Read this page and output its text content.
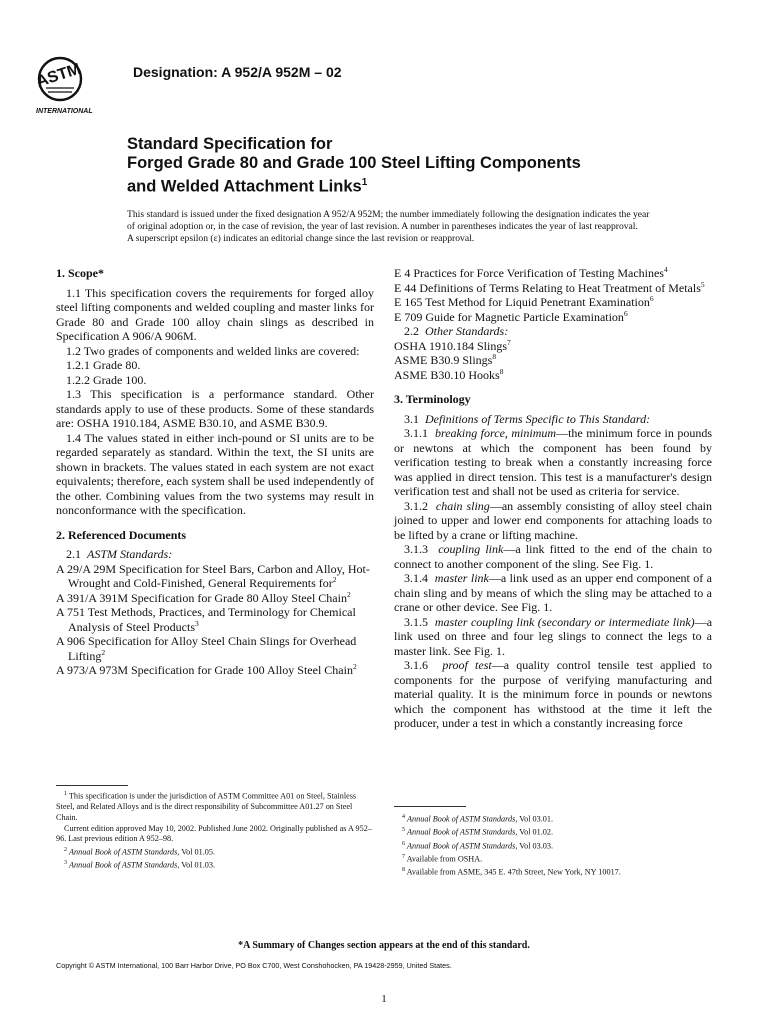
ASTM
INTERNATIONAL
Designation: A 952/A 952M – 02
Standard Specification for
Forged Grade 80 and Grade 100 Steel Lifting Components
and Welded Attachment Links$^1$

This standard is issued under the fixed designation A 952/A 952M; the number immediately following the designation indicates the year

of original adoption or, in the case of revision, the year of last revision. A number in parentheses indicates the year of last reapproval.

A superscript epsilon (ε) indicates an editorial change since the last revision or reapproval.

1. Scope*

1.1 This specification covers the requirements for forged alloy steel lifting components and welded coupling and master links for Grade 80 and Grade 100 alloy chain slings as described in Specification A 906/A 906M.

1.2 Two grades of components and welded links are covered:

1.2.1 Grade 80.

1.2.2 Grade 100.

1.3 This specification is a performance standard. Other standards apply to use of these products. Some of these standards are: OSHA 1910.184, ASME B30.10, and ASME B30.9.

1.4 The values stated in either inch-pound or SI units are to be regarded separately as standard. Within the text, the SI units are shown in brackets. The values stated in each system are not exact equivalents; therefore, each system shall be used independently of the other. Combining values from the two systems may result in nonconformance with the specification.

2. Referenced Documents

2.1 ASTM Standards:

A 29/A 29M Specification for Steel Bars, Carbon and Alloy, Hot-Wrought and Cold-Finished, General Requirements for$^2$

A 391/A 391M Specification for Grade 80 Alloy Steel Chain$^2$

A 751 Test Methods, Practices, and Terminology for Chemical Analysis of Steel Products$^3$

A 906 Specification for Alloy Steel Chain Slings for Overhead Lifting$^2$

A 973/A 973M Specification for Grade 100 Alloy Steel Chain$^2$

E 4 Practices for Force Verification of Testing Machines$^4$

E 44 Definitions of Terms Relating to Heat Treatment of Metals$^5$

E 165 Test Method for Liquid Penetrant Examination$^6$

E 709 Guide for Magnetic Particle Examination$^6$

2.2 Other Standards:

OSHA 1910.184 Slings$^7$

ASME B30.9 Slings$^8$

ASME B30.10 Hooks$^8$

3. Terminology

3.1 Definitions of Terms Specific to This Standard:

3.1.1 breaking force, minimum—the minimum force in pounds or newtons at which the component has been found by verification testing to break when a constantly increasing force was applied in direct tension. This test is a manufacturer's design verification test and shall not be used as criteria for service.

3.1.2 chain sling—an assembly consisting of alloy steel chain joined to upper and lower end components for attaching loads to be lifted by a crane or lifting machine.

3.1.3 coupling link—a link fitted to the end of the chain to connect to another component of the sling. See Fig. 1.

3.1.4 master link—a link used as an upper end component of a chain sling and by means of which the sling may be attached to a crane or other device. See Fig. 1.

3.1.5 master coupling link (secondary or intermediate link)—a link used on three and four leg slings to connect the legs to a master link. See Fig. 1.

3.1.6 proof test—a quality control tensile test applied to components for the purpose of verifying manufacturing and material quality. It is the minimum force in pounds or newtons which the component has withstood at the time it left the producer, under a test in which a constantly increasing force

$^1$ This specification is under the jurisdiction of ASTM Committee A01 on Steel, Stainless Steel, and Related Alloys and is the direct responsibility of Subcommittee A01.27 on Steel Chain.

Current edition approved May 10, 2002. Published June 2002. Originally published as A 952–96. Last previous edition A 952–98.

$^2$ Annual Book of ASTM Standards, Vol 01.05.

$^3$ Annual Book of ASTM Standards, Vol 01.03.

$^4$ Annual Book of ASTM Standards, Vol 03.01.

$^5$ Annual Book of ASTM Standards, Vol 01.02.

$^6$ Annual Book of ASTM Standards, Vol 03.03.

$^7$ Available from OSHA.

$^8$ Available from ASME, 345 E. 47th Street, New York, NY 10017.

*A Summary of Changes section appears at the end of this standard.
Copyright © ASTM International, 100 Barr Harbor Drive, PO Box C700, West Conshohocken, PA 19428-2959, United States.
1
